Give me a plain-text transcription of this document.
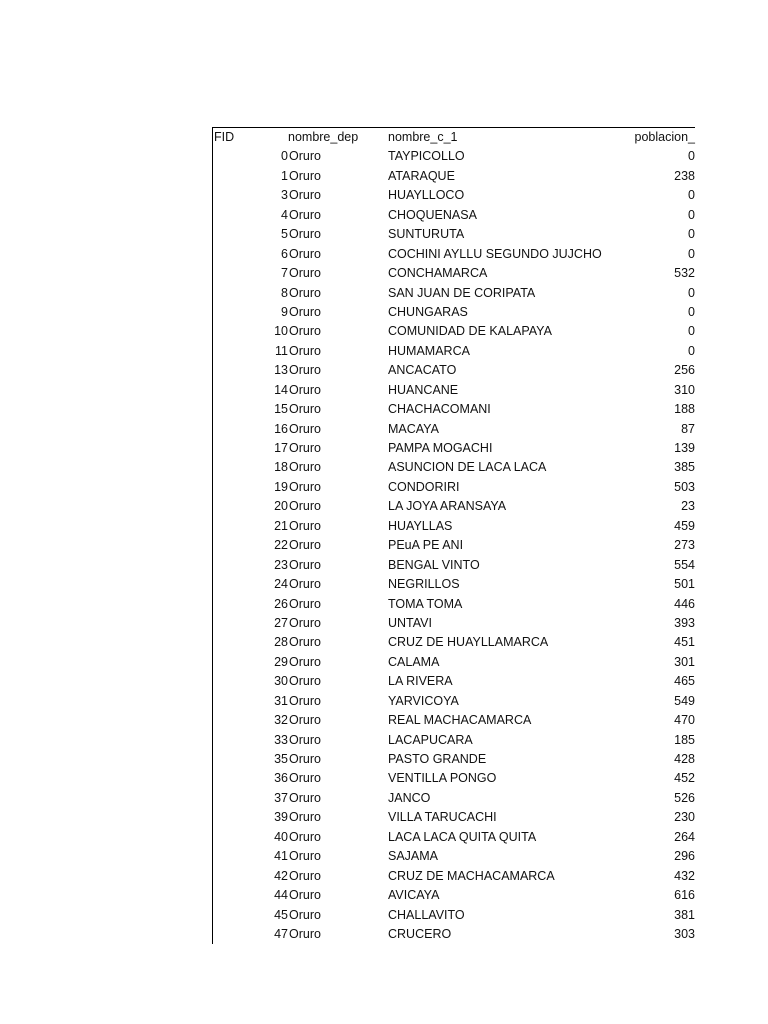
FID	nombre_dep	nombre_c_1	poblacion_
0 Oruro	TAYPICOLLO	0
1 Oruro	ATARAQUE	238
3 Oruro	HUAYLLOCO	0
4 Oruro	CHOQUENASA	0
5 Oruro	SUNTURUTA	0
6 Oruro	COCHINI AYLLU SEGUNDO JUJCHO	0
7 Oruro	CONCHAMARCA	532
8 Oruro	SAN JUAN DE CORIPATA	0
9 Oruro	CHUNGARAS	0
10 Oruro	COMUNIDAD DE KALAPAYA	0
11 Oruro	HUMAMARCA	0
13 Oruro	ANCACATO	256
14 Oruro	HUANCANE	310
15 Oruro	CHACHACOMANI	188
16 Oruro	MACAYA	87
17 Oruro	PAMPA MOGACHI	139
18 Oruro	ASUNCION DE LACA LACA	385
19 Oruro	CONDORIRI	503
20 Oruro	LA JOYA ARANSAYA	23
21 Oruro	HUAYLLAS	459
22 Oruro	PEuA PE ANI	273
23 Oruro	BENGAL VINTO	554
24 Oruro	NEGRILLOS	501
26 Oruro	TOMA TOMA	446
27 Oruro	UNTAVI	393
28 Oruro	CRUZ DE HUAYLLAMARCA	451
29 Oruro	CALAMA	301
30 Oruro	LA RIVERA	465
31 Oruro	YARVICOYA	549
32 Oruro	REAL MACHACAMARCA	470
33 Oruro	LACAPUCARA	185
35 Oruro	PASTO GRANDE	428
36 Oruro	VENTILLA PONGO	452
37 Oruro	JANCO	526
39 Oruro	VILLA TARUCACHI	230
40 Oruro	LACA LACA QUITA QUITA	264
41 Oruro	SAJAMA	296
42 Oruro	CRUZ DE MACHACAMARCA	432
44 Oruro	AVICAYA	616
45 Oruro	CHALLAVITO	381
47 Oruro	CRUCERO	303
